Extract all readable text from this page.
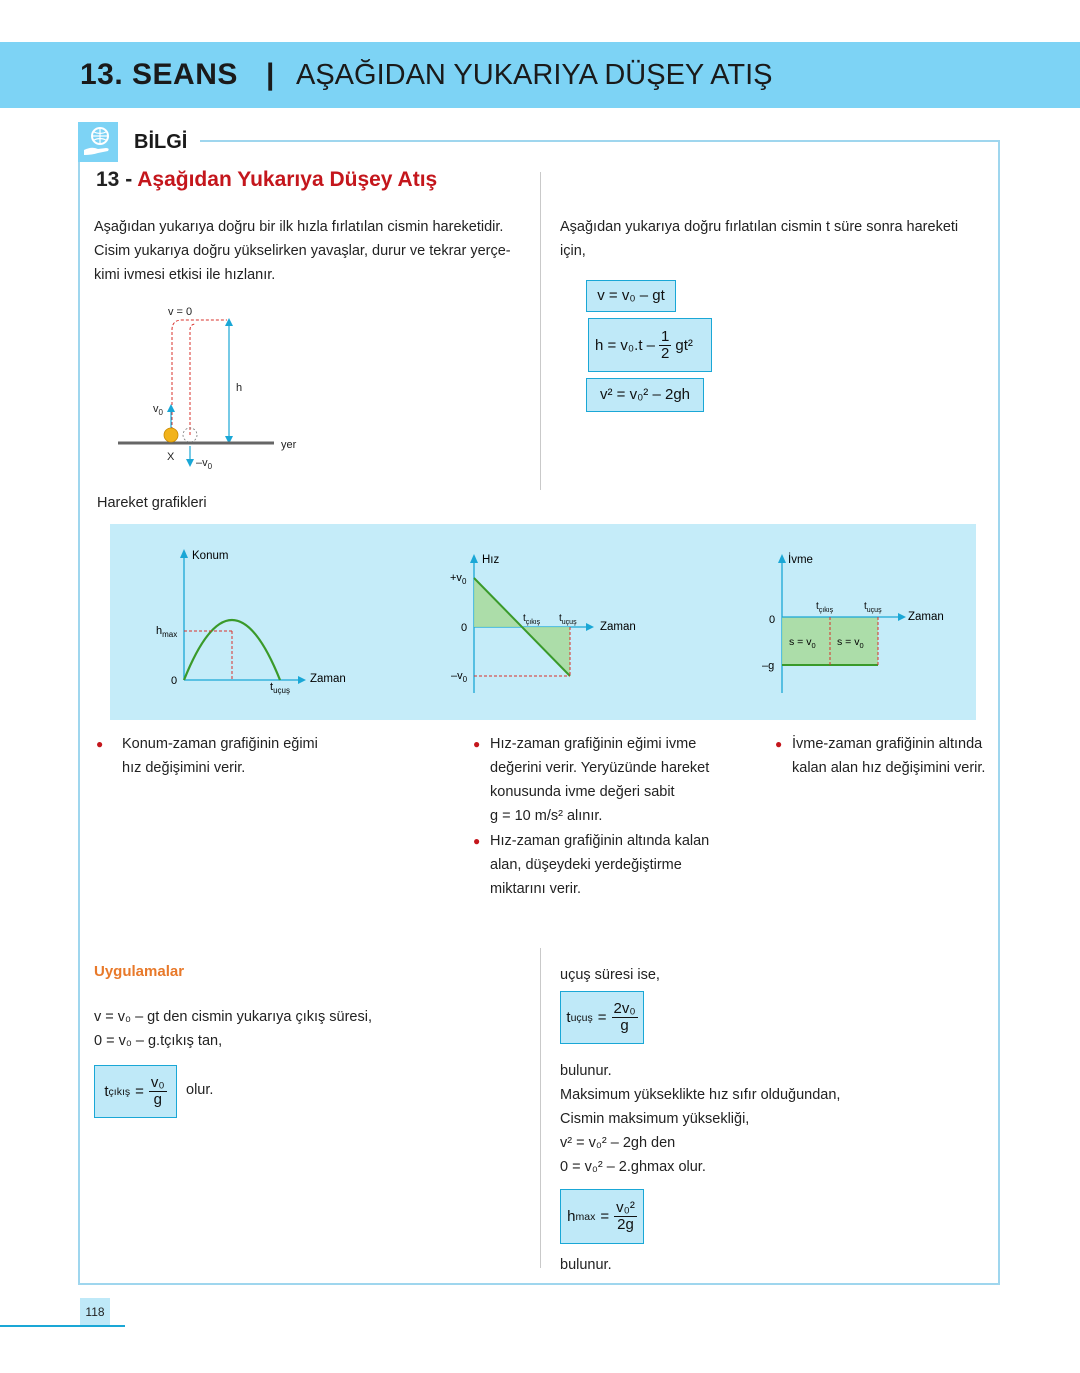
13. SEANS | AŞAĞIDAN YUKARIYA DÜŞEY ATIŞ
BİLGİ
13 - Aşağıdan Yukarıya Düşey Atış
Aşağıdan yukarıya doğru bir ilk hızla fırlatılan cismin hareketidir.
Cisim yukarıya doğru yükselirken yavaşlar, durur ve tekrar yerçe-
kimi ivmesi etkisi ile hızlanır.
v = 0
h
$v_0$
X $-v_0$
yer
Aşağıdan yukarıya doğru fırlatılan cismin t süre sonra hareketi
için,
v = v₀ – gt
$h = v_0.t - \frac{1}{2} gt^2$
v² = v₀² – 2gh
Hareket grafikleri
Konum
Zaman
$h_{max}$
0	$t_{uçuş}$
Hız
Zaman
$+v_0$
0
$-v_0$
$t_{çıkış}$ $t_{uçuş}$
İvme
Zaman
0
–g
$t_{çıkış}$	$t_{uçuş}$
$s = v_0$ $s = v_0$
● Konum-zaman grafiğinin eğimi
hız değişimini verir.
● Hız-zaman grafiğinin eğimi ivme
değerini verir. Yeryüzünde hareket
konusunda ivme değeri sabit
g = 10 m/s² alınır.
● Hız-zaman grafiğinin altında kalan
alan, düşeydeki yerdeğiştirme
miktarını verir.
● İvme-zaman grafiğinin altında
kalan alan hız değişimini verir.
Uygulamalar
v = v₀ – gt den cismin yukarıya çıkış süresi,
0 = v₀ – g.tçıkış tan,
t çıkış = $\frac{\text{v₀}}{g}$ olur.
uçuş süresi ise,
t uçuş = $\frac{\text{2v₀}}{g}$
bulunur.
Maksimum yükseklikte hız sıfır olduğundan,
Cismin maksimum yüksekliği,
v² = v₀² – 2gh den
0 = v₀² – 2.ghmax olur.
h $\max = \frac{\text{v₀²}}{2g}$
bulunur.
118
